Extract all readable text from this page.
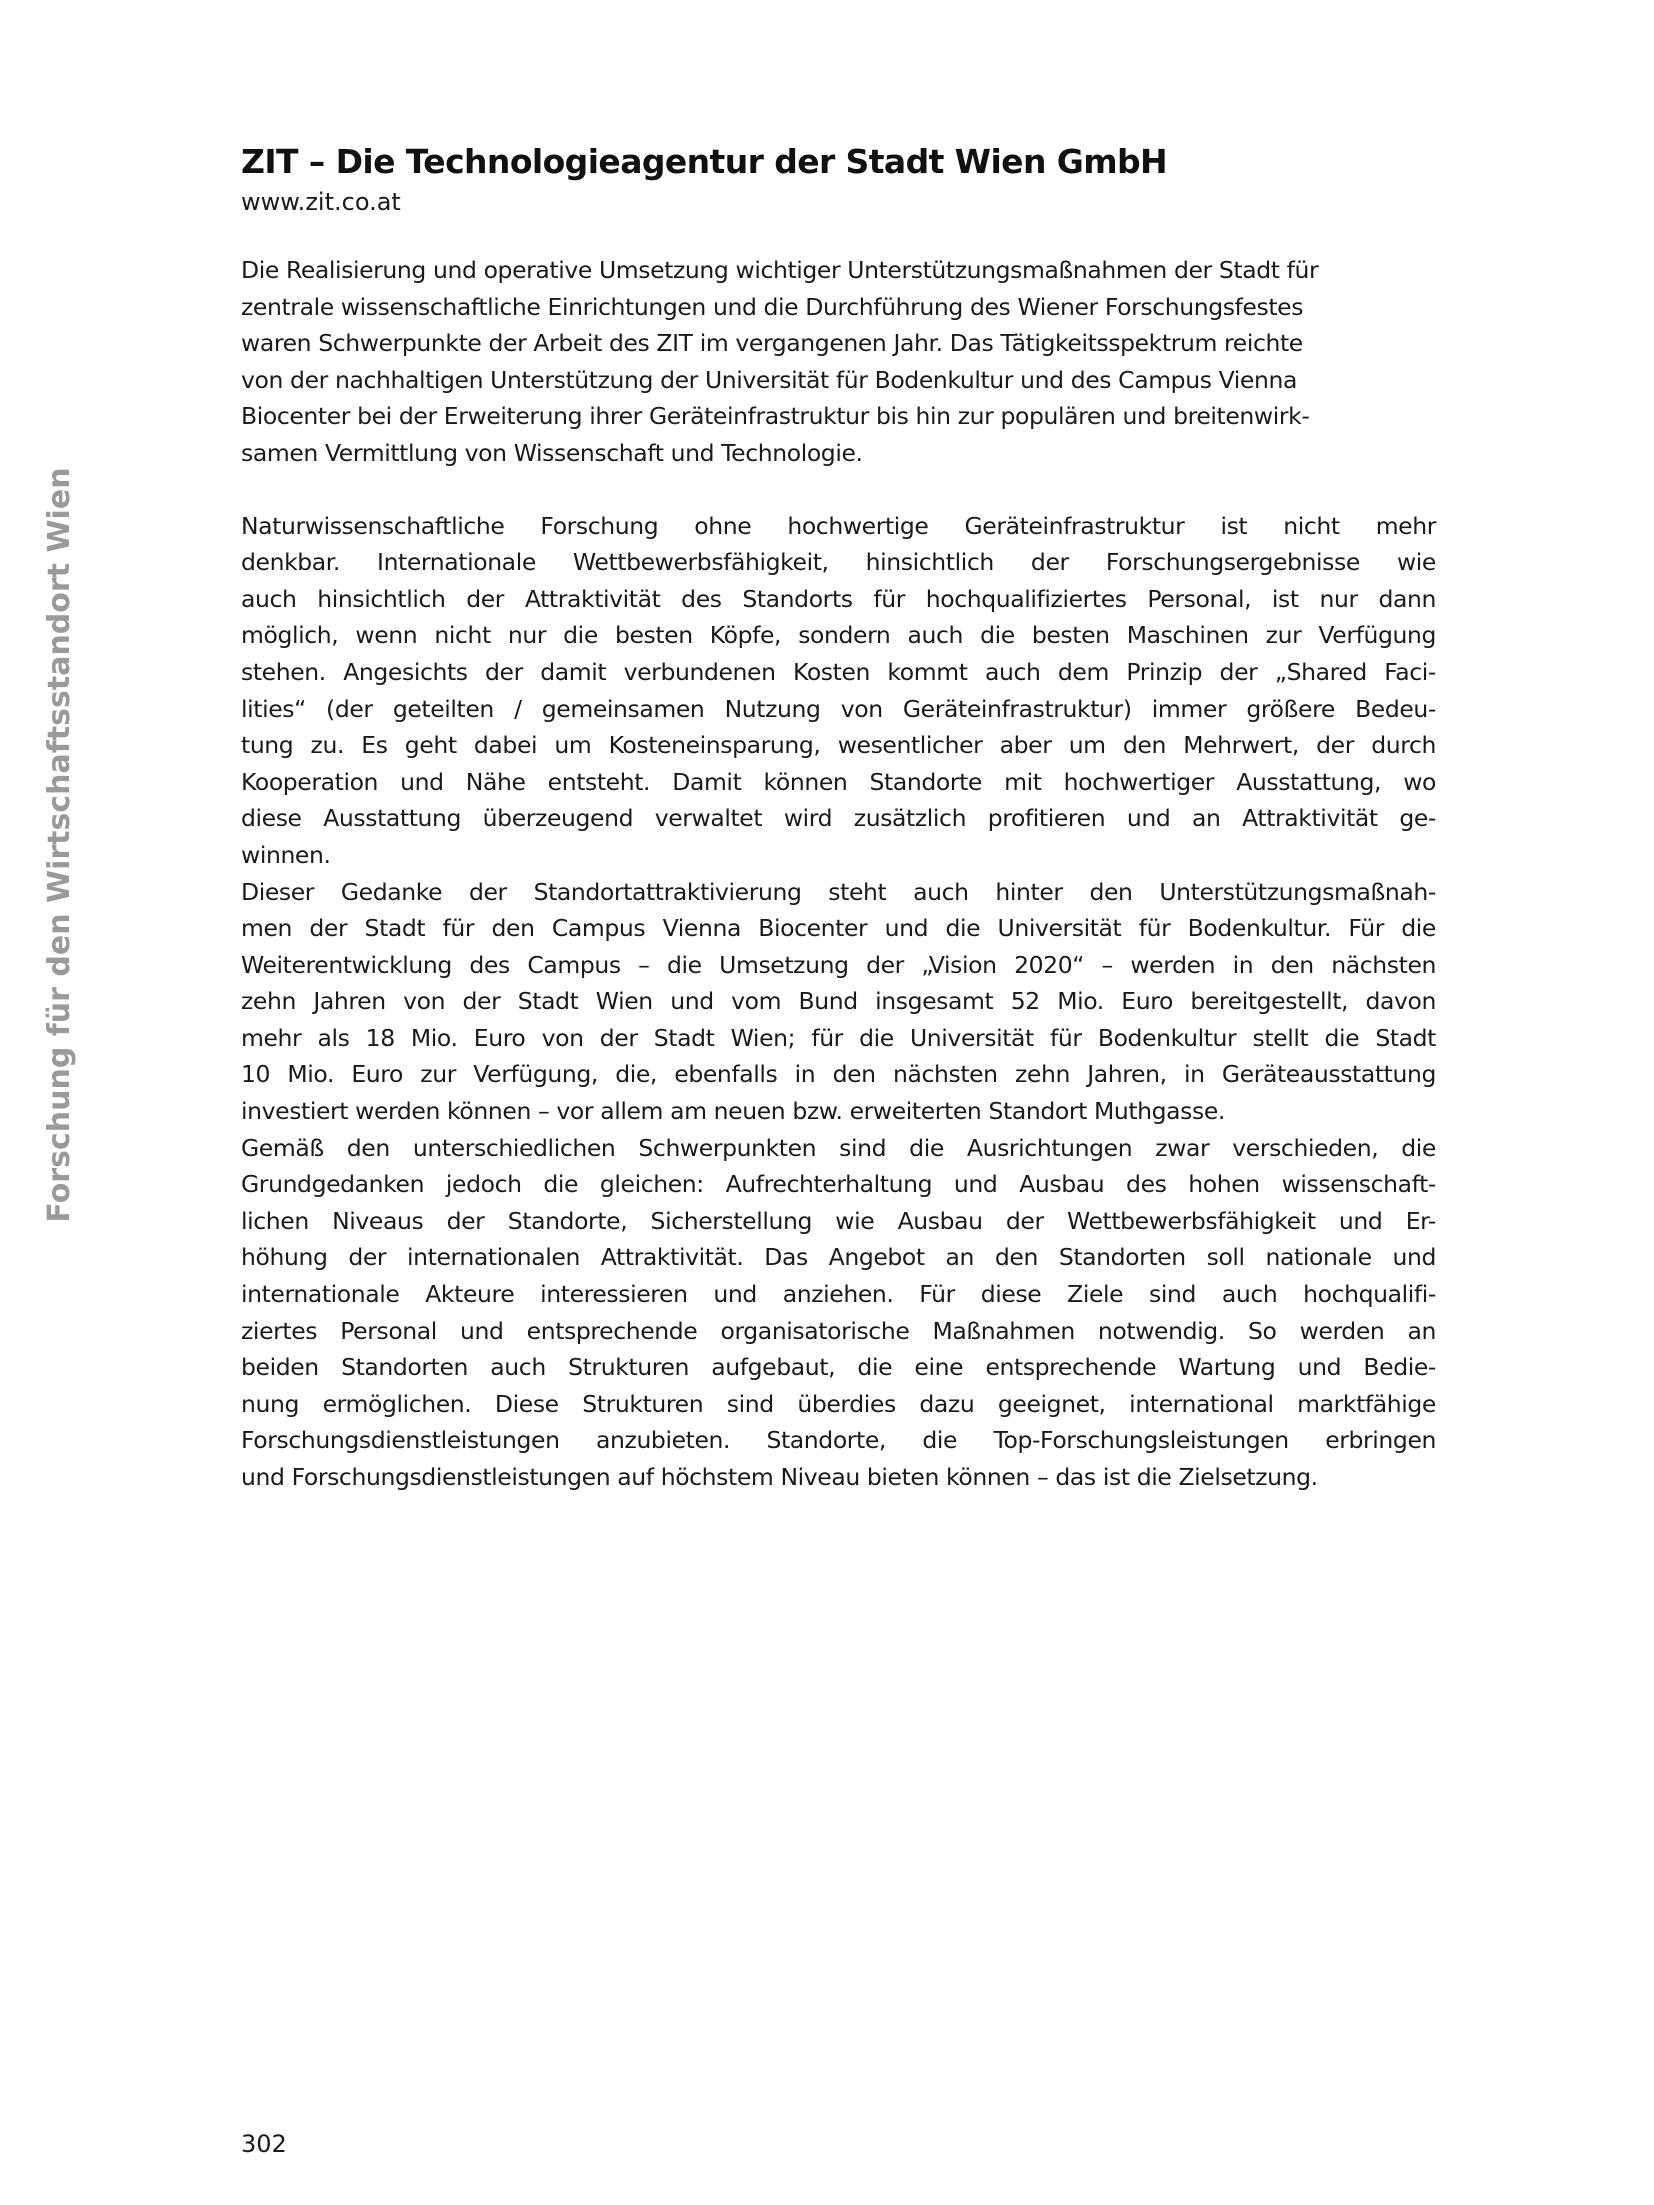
Forschung für den Wirtschaftsstandort Wien
ZIT – Die Technologieagentur der Stadt Wien GmbH

www.zit.co.at

Die Realisierung und operative Umsetzung wichtiger Unterstützungsmaßnahmen der Stadt für
zentrale wissenschaftliche Einrichtungen und die Durchführung des Wiener Forschungsfestes
waren Schwerpunkte der Arbeit des ZIT im vergangenen Jahr. Das Tätigkeitsspektrum reichte
von der nachhaltigen Unterstützung der Universität für Bodenkultur und des Campus Vienna
Biocenter bei der Erweiterung ihrer Geräteinfrastruktur bis hin zur populären und breitenwirk-
samen Vermittlung von Wissenschaft und Technologie.

Naturwissenschaftliche Forschung ohne hochwertige Geräteinfrastruktur ist nicht mehr
denkbar. Internationale Wettbewerbsfähigkeit, hinsichtlich der Forschungsergebnisse wie
auch hinsichtlich der Attraktivität des Standorts für hochqualifiziertes Personal, ist nur dann
möglich, wenn nicht nur die besten Köpfe, sondern auch die besten Maschinen zur Verfügung
stehen. Angesichts der damit verbundenen Kosten kommt auch dem Prinzip der „Shared Faci-
lities“ (der geteilten / gemeinsamen Nutzung von Geräteinfrastruktur) immer größere Bedeu-
tung zu. Es geht dabei um Kosteneinsparung, wesentlicher aber um den Mehrwert, der durch
Kooperation und Nähe entsteht. Damit können Standorte mit hochwertiger Ausstattung, wo
diese Ausstattung überzeugend verwaltet wird zusätzlich profitieren und an Attraktivität ge-
winnen.

Dieser Gedanke der Standortattraktivierung steht auch hinter den Unterstützungsmaßnah-
men der Stadt für den Campus Vienna Biocenter und die Universität für Bodenkultur. Für die
Weiterentwicklung des Campus – die Umsetzung der „Vision 2020“ – werden in den nächsten
zehn Jahren von der Stadt Wien und vom Bund insgesamt 52 Mio. Euro bereitgestellt, davon
mehr als 18 Mio. Euro von der Stadt Wien; für die Universität für Bodenkultur stellt die Stadt
10 Mio. Euro zur Verfügung, die, ebenfalls in den nächsten zehn Jahren, in Geräteausstattung
investiert werden können – vor allem am neuen bzw. erweiterten Standort Muthgasse.

Gemäß den unterschiedlichen Schwerpunkten sind die Ausrichtungen zwar verschieden, die
Grundgedanken jedoch die gleichen: Aufrechterhaltung und Ausbau des hohen wissenschaft-
lichen Niveaus der Standorte, Sicherstellung wie Ausbau der Wettbewerbsfähigkeit und Er-
höhung der internationalen Attraktivität. Das Angebot an den Standorten soll nationale und
internationale Akteure interessieren und anziehen. Für diese Ziele sind auch hochqualifi-
ziertes Personal und entsprechende organisatorische Maßnahmen notwendig. So werden an
beiden Standorten auch Strukturen aufgebaut, die eine entsprechende Wartung und Bedie-
nung ermöglichen. Diese Strukturen sind überdies dazu geeignet, international marktfähige
Forschungsdienstleistungen anzubieten. Standorte, die Top-Forschungsleistungen erbringen
und Forschungsdienstleistungen auf höchstem Niveau bieten können – das ist die Zielsetzung.

302
